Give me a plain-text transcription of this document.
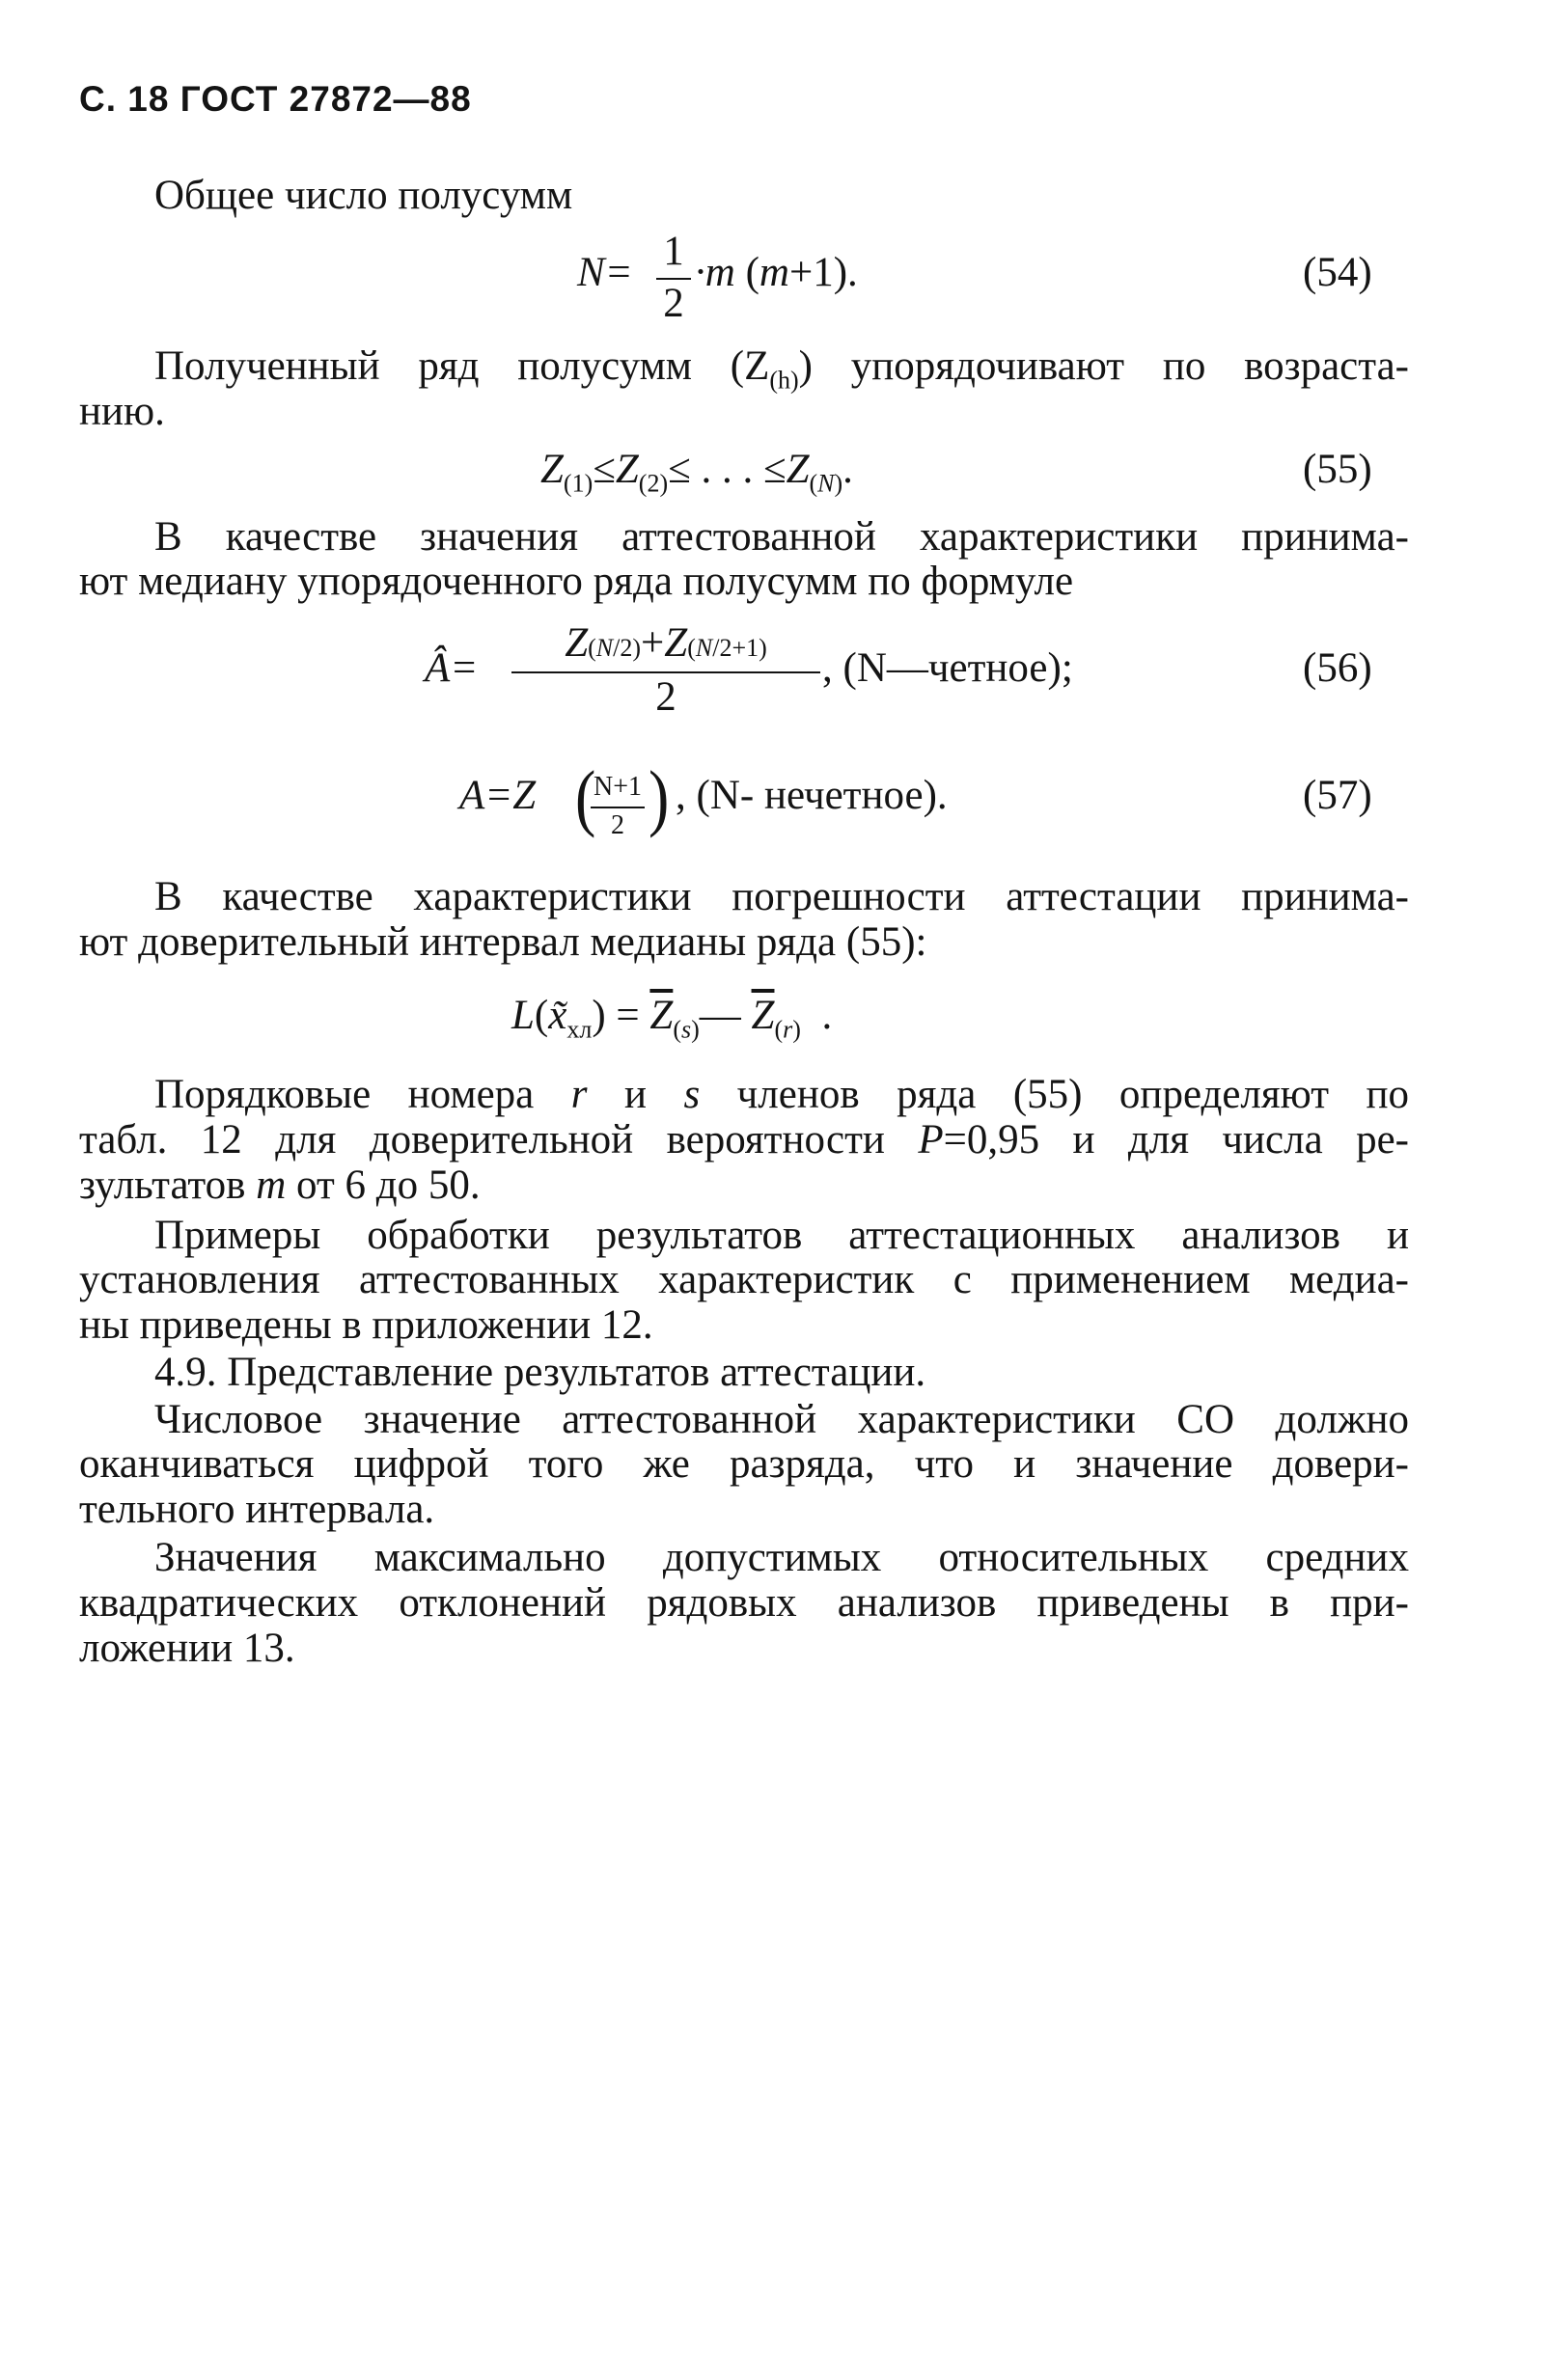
С. 18 ГОСТ 27872—88
Общее число полусумм
N= 1
2
·m (m+1).	(54)
Полученный ряд полусумм $(Z_{(h)})$ упорядочивают по возраста-
нию.
$Z_{(1)}\le Z_{(2)}\le$ . . . $\le Z_{(N)}$.	(55)
В качестве значения аттестованной характеристики принима-
ют медиану упорядоченного ряда полусумм по формуле
Â=
Z(N/2)+Z(N/2+1)
2
, (N—четное);	(56)
A=Z N+1
2
( ) , (N- нечетное).	(57)
В качестве характеристики погрешности аттестации принима-
ют доверительный интервал медианы ряда (55):
$L(x̃_{хл})$ = $\overline{Z}_{(s)}—$ $\overline{Z}_{(r)}$  .
Порядковые номера r и s членов ряда (55) определяют по
табл. 12 для доверительной вероятности P=0,95 и для числа ре-
зультатов m от 6 до 50.
Примеры обработки результатов аттестационных анализов и
установления аттестованных характеристик с применением медиа-
ны приведены в приложении 12.
4.9. Представление результатов аттестации.
Числовое значение аттестованной характеристики СО должно
оканчиваться цифрой того же разряда, что и значение довери-
тельного интервала.
Значения максимально допустимых относительных средних
квадратических отклонений рядовых анализов приведены в при-
ложении 13.
